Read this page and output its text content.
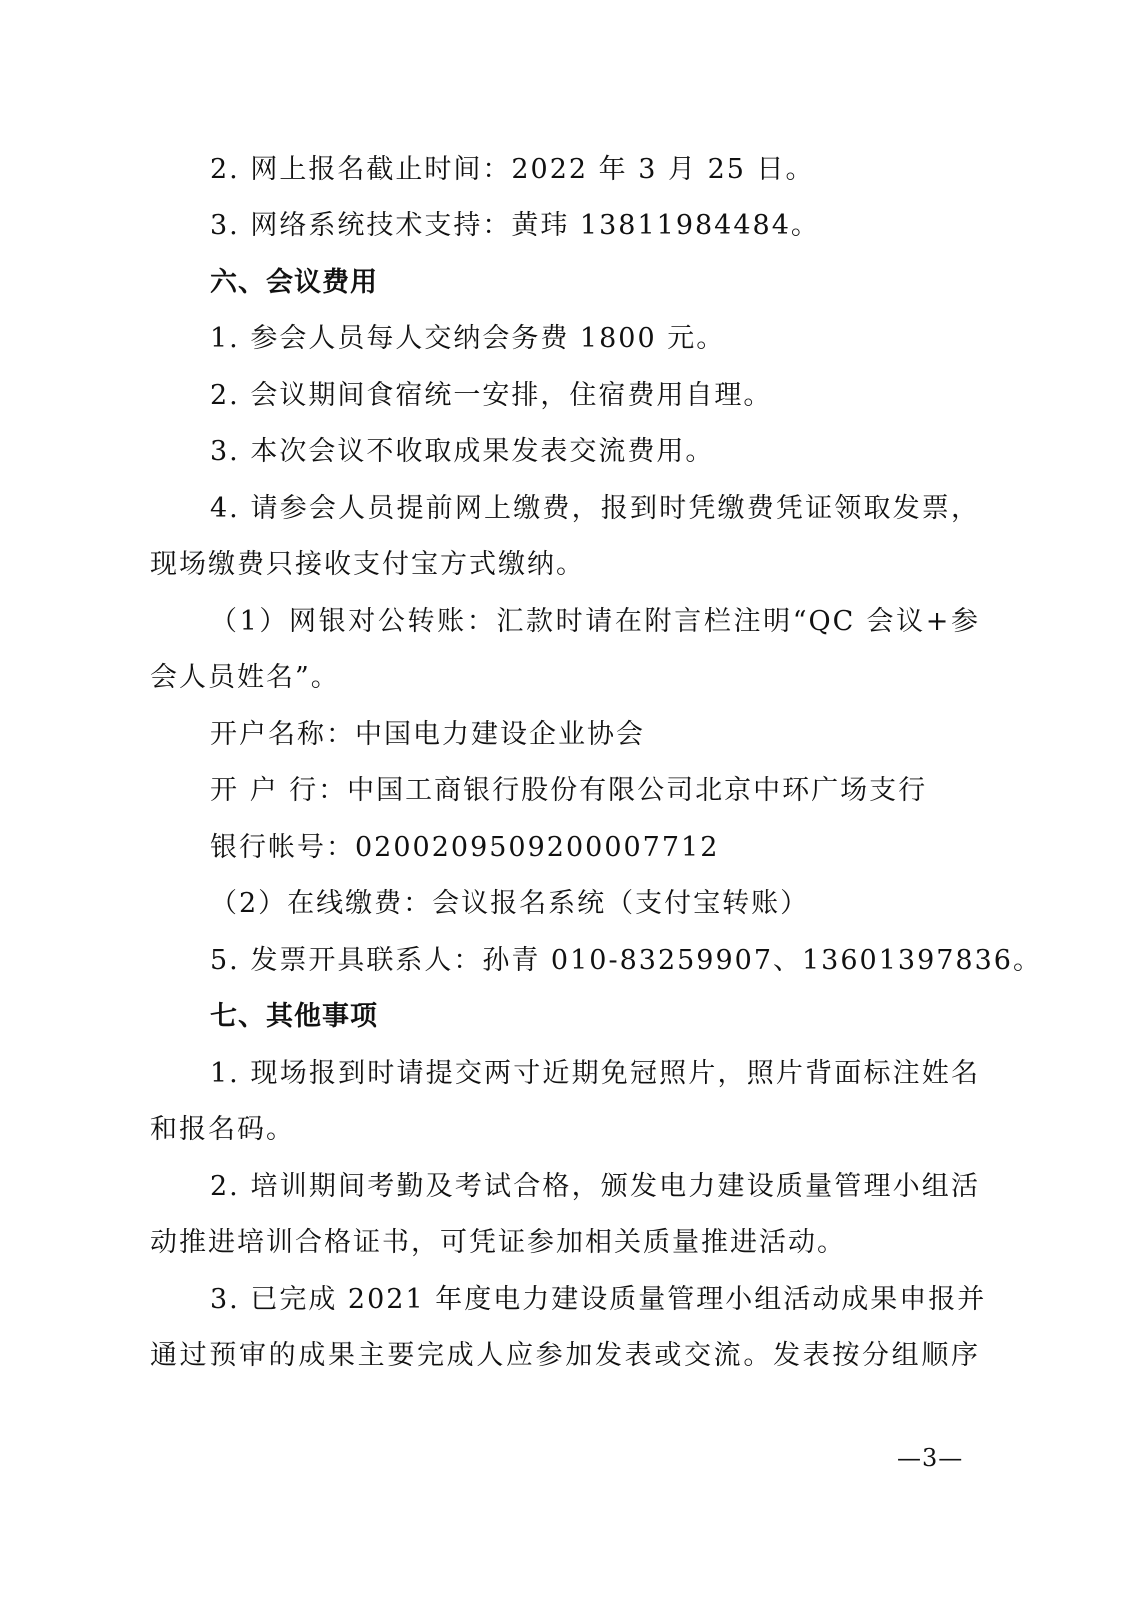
2. 网上报名截止时间：2022 年 3 月 25 日。
3. 网络系统技术支持：黄玮 13811984484。
六、会议费用
1. 参会人员每人交纳会务费 1800 元。
2. 会议期间食宿统一安排，住宿费用自理。
3. 本次会议不收取成果发表交流费用。
4. 请参会人员提前网上缴费，报到时凭缴费凭证领取发票，
现场缴费只接收支付宝方式缴纳。
（1）网银对公转账：汇款时请在附言栏注明“QC 会议+参
会人员姓名”。
开户名称：中国电力建设企业协会
开 户 行：中国工商银行股份有限公司北京中环广场支行
银行帐号：0200209509200007712
（2）在线缴费：会议报名系统（支付宝转账）
5. 发票开具联系人：孙青 010-83259907、13601397836。
七、其他事项
1. 现场报到时请提交两寸近期免冠照片，照片背面标注姓名
和报名码。
2. 培训期间考勤及考试合格，颁发电力建设质量管理小组活
动推进培训合格证书，可凭证参加相关质量推进活动。
3. 已完成 2021 年度电力建设质量管理小组活动成果申报并
通过预审的成果主要完成人应参加发表或交流。发表按分组顺序
—3—
